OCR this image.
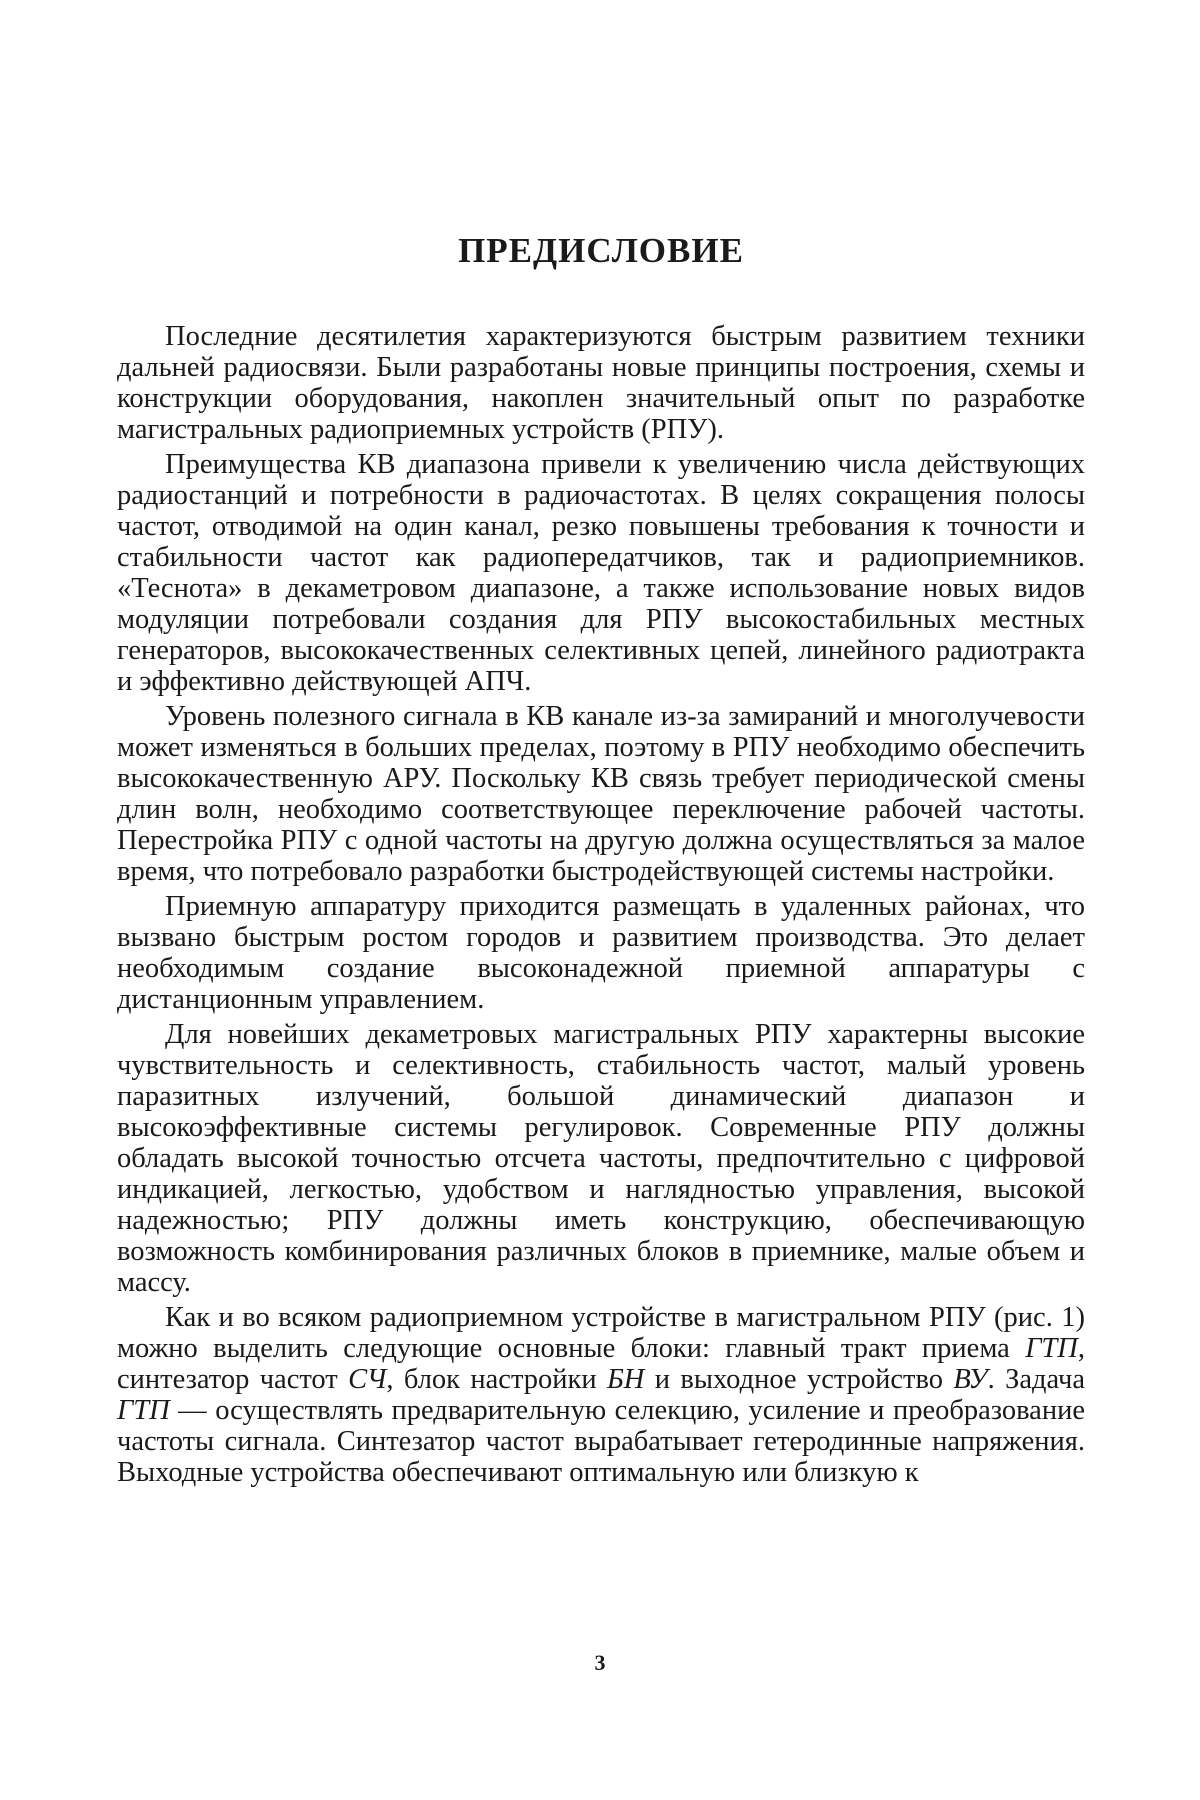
ПРЕДИСЛОВИЕ

Последние десятилетия характеризуются быстрым развитием техники дальней радиосвязи. Были разработаны новые принципы построения, схемы и конструкции оборудования, накоплен значительный опыт по разработке магистральных радиоприемных устройств (РПУ).

Преимущества КВ диапазона привели к увеличению числа действующих радиостанций и потребности в радиочастотах. В целях сокращения полосы частот, отводимой на один канал, резко повышены требования к точности и стабильности частот как радиопередатчиков, так и радиоприемников. «Теснота» в декаметровом диапазоне, а также использование новых видов модуляции потребовали создания для РПУ высокостабильных местных генераторов, высококачественных селективных цепей, линейного радиотракта и эффективно действующей АПЧ.

Уровень полезного сигнала в КВ канале из-за замираний и многолучевости может изменяться в больших пределах, поэтому в РПУ необходимо обеспечить высококачественную АРУ. Поскольку КВ связь требует периодической смены длин волн, необходимо соответствующее переключение рабочей частоты. Перестройка РПУ с одной частоты на другую должна осуществляться за малое время, что потребовало разработки быстродействующей системы настройки.

Приемную аппаратуру приходится размещать в удаленных районах, что вызвано быстрым ростом городов и развитием производства. Это делает необходимым создание высоконадежной приемной аппаратуры с дистанционным управлением.

Для новейших декаметровых магистральных РПУ характерны высокие чувствительность и селективность, стабильность частот, малый уровень паразитных излучений, большой динамический диапазон и высокоэффективные системы регулировок. Современные РПУ должны обладать высокой точностью отсчета частоты, предпочтительно с цифровой индикацией, легкостью, удобством и наглядностью управления, высокой надежностью; РПУ должны иметь конструкцию, обеспечивающую возможность комбинирования различных блоков в приемнике, малые объем и массу.

Как и во всяком радиоприемном устройстве в магистральном РПУ (рис. 1) можно выделить следующие основные блоки: главный тракт приема ГТП, синтезатор частот СЧ, блок настройки БН и выходное устройство ВУ. Задача ГТП — осуществлять предварительную селекцию, усиление и преобразование частоты сигнала. Синтезатор частот вырабатывает гетеродинные напряжения. Выходные устройства обеспечивают оптимальную или близкую к

3
